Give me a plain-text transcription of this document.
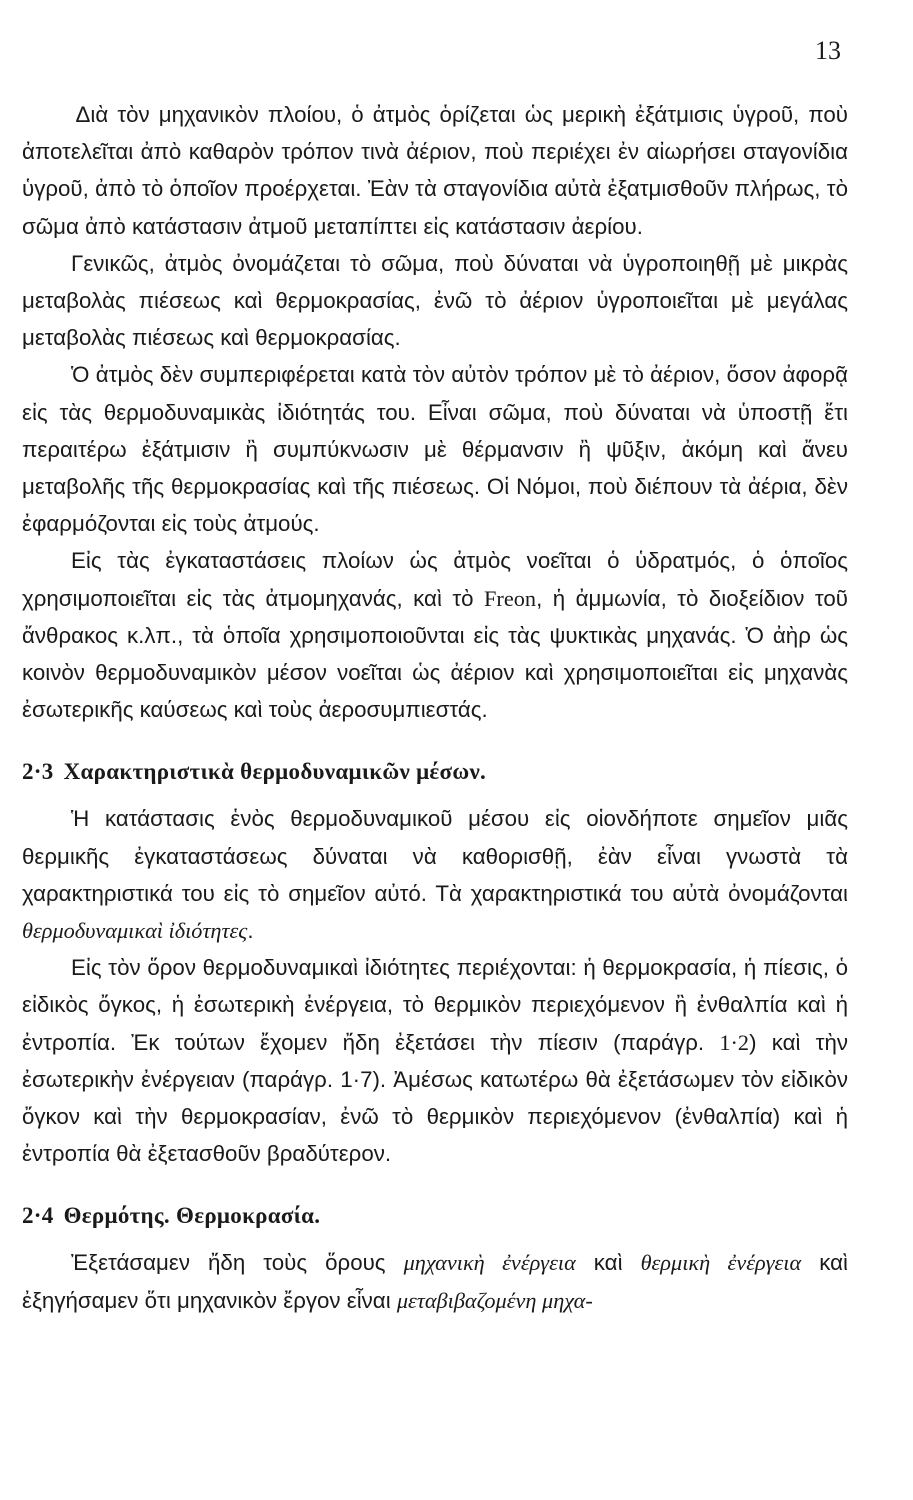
13

Διὰ τὸν μηχανικὸν πλοίου, ὁ ἀτμὸς ὁρίζεται ὡς μερικὴ ἐξάτμισις ὑγροῦ, ποὺ ἀποτελεῖται ἀπὸ καθαρὸν τρόπον τινὰ ἀέριον, ποὺ περιέχει ἐν αἰωρήσει σταγονίδια ὑγροῦ, ἀπὸ τὸ ὁποῖον προέρχεται. Ἐὰν τὰ σταγονίδια αὐτὰ ἐξατμισθοῦν πλήρως, τὸ σῶμα ἀπὸ κατάστασιν ἀτμοῦ μεταπίπτει εἰς κατάστασιν ἀερίου.

Γενικῶς, ἀτμὸς ὀνομάζεται τὸ σῶμα, ποὺ δύναται νὰ ὑγροποιηθῇ μὲ μικρὰς μεταβολὰς πιέσεως καὶ θερμοκρασίας, ἐνῶ τὸ ἀέριον ὑγροποιεῖται μὲ μεγάλας μεταβολὰς πιέσεως καὶ θερμοκρασίας.

Ὁ ἀτμὸς δὲν συμπεριφέρεται κατὰ τὸν αὐτὸν τρόπον μὲ τὸ ἀέριον, ὅσον ἀφορᾷ εἰς τὰς θερμοδυναμικὰς ἰδιότητάς του. Εἶναι σῶμα, ποὺ δύναται νὰ ὑποστῇ ἔτι περαιτέρω ἐξάτμισιν ἢ συμπύκνωσιν μὲ θέρμανσιν ἢ ψῦξιν, ἀκόμη καὶ ἄνευ μεταβολῆς τῆς θερμοκρασίας καὶ τῆς πιέσεως. Οἱ Νόμοι, ποὺ διέπουν τὰ ἀέρια, δὲν ἐφαρμόζονται εἰς τοὺς ἀτμούς.

Εἰς τὰς ἐγκαταστάσεις πλοίων ὡς ἀτμὸς νοεῖται ὁ ὑδρατμός, ὁ ὁποῖος χρησιμοποιεῖται εἰς τὰς ἀτμομηχανάς, καὶ τὸ Freon, ἡ ἀμμωνία, τὸ διοξείδιον τοῦ ἄνθρακος κ.λπ., τὰ ὁποῖα χρησιμοποιοῦνται εἰς τὰς ψυκτικὰς μηχανάς. Ὁ ἀὴρ ὡς κοινὸν θερμοδυναμικὸν μέσον νοεῖται ὡς ἀέριον καὶ χρησιμοποιεῖται εἰς μηχανὰς ἐσωτερικῆς καύσεως καὶ τοὺς ἀεροσυμπιεστάς.

2·3 Χαρακτηριστικὰ θερμοδυναμικῶν μέσων.

Ἡ κατάστασις ἑνὸς θερμοδυναμικοῦ μέσου εἰς οἱονδήποτε σημεῖον μιᾶς θερμικῆς ἐγκαταστάσεως δύναται νὰ καθορισθῇ, ἐὰν εἶναι γνωστὰ τὰ χαρακτηριστικά του εἰς τὸ σημεῖον αὐτό. Τὰ χαρακτηριστικά του αὐτὰ ὀνομάζονται θερμοδυναμικαὶ ἰδιότητες.

Εἰς τὸν ὅρον θερμοδυναμικαὶ ἰδιότητες περιέχονται: ἡ θερμοκρασία, ἡ πίεσις, ὁ εἰδικὸς ὄγκος, ἡ ἐσωτερικὴ ἐνέργεια, τὸ θερμικὸν περιεχόμενον ἢ ἐνθαλπία καὶ ἡ ἐντροπία. Ἐκ τούτων ἔχομεν ἤδη ἐξετάσει τὴν πίεσιν (παράγρ. 1·2) καὶ τὴν ἐσωτερικὴν ἐνέργειαν (παράγρ. 1·7). Ἀμέσως κατωτέρω θὰ ἐξετάσωμεν τὸν εἰδικὸν ὄγκον καὶ τὴν θερμοκρασίαν, ἐνῶ τὸ θερμικὸν περιεχόμενον (ἐνθαλπία) καὶ ἡ ἐντροπία θὰ ἐξετασθοῦν βραδύτερον.

2·4 Θερμότης. Θερμοκρασία.

Ἐξετάσαμεν ἤδη τοὺς ὅρους μηχανικὴ ἐνέργεια καὶ θερμικὴ ἐνέργεια καὶ ἐξηγήσαμεν ὅτι μηχανικὸν ἔργον εἶναι μεταβιβαζομένη μηχα-
